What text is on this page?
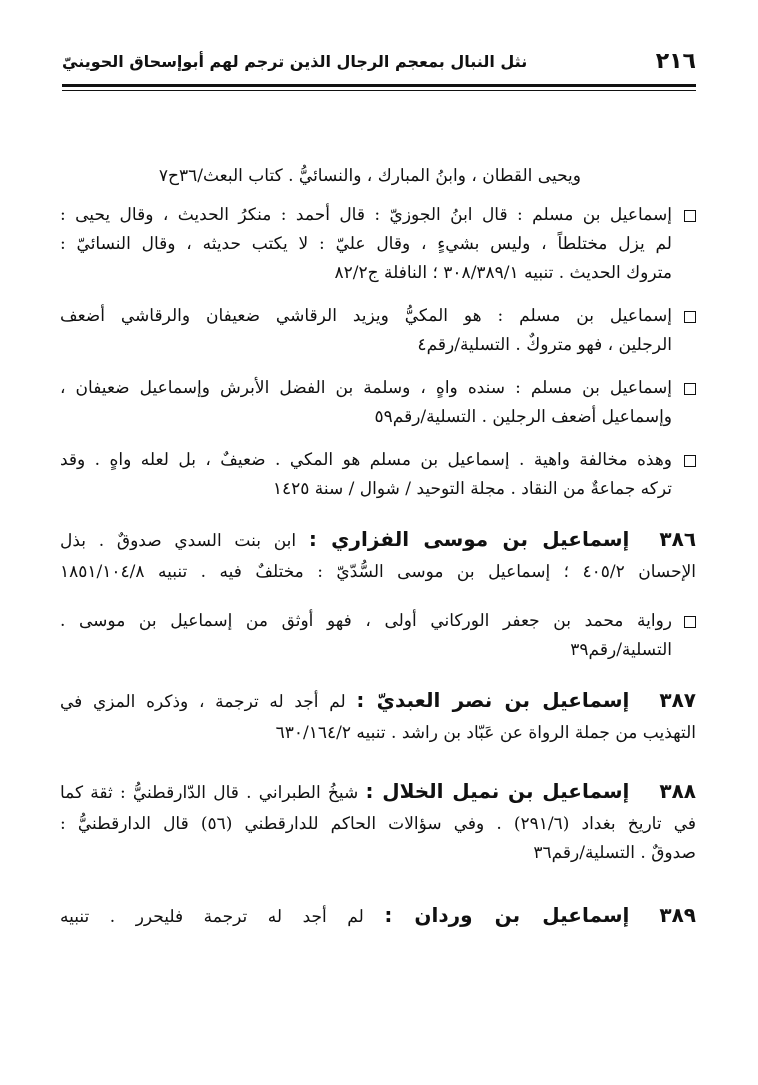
٢١٦
نثل النبال بمعجم الرجال الذين ترجم لهم أبوإسحاق الحوينيّ
ويحيى القطان ، وابنُ المبارك ، والنسائيُّ . كتاب البعث/٣٦ح٧
إسماعيل بن مسلم : قال ابنُ الجوزيّ : قال أحمد : منكرُ الحديث ، وقال يحيى :
لم يزل مختلطاً ، وليس بشيءٍ ، وقال عليّ : لا يكتب حديثه ، وقال النسائيّ :
متروك الحديث . تنبيه ٣٠٨/٣٨٩/١ ؛ النافلة ج٨٢/٢
إسماعيل بن مسلم : هو المكيُّ ويزيد الرقاشي ضعيفان والرقاشي أضعف
الرجلين ، فهو متروكٌ . التسلية/رقم٤
إسماعيل بن مسلم : سنده واهٍ ، وسلمة بن الفضل الأبرش وإسماعيل ضعيفان ،
وإسماعيل أضعف الرجلين . التسلية/رقم٥٩
وهذه مخالفة واهية . إسماعيل بن مسلم هو المكي . ضعيفٌ ، بل لعله واهٍ . وقد
تركه جماعةٌ من النقاد . مجلة التوحيد / شوال / سنة ١٤٢٥
٣٨٦إسماعيل بن موسى الفزاري : ابن بنت السدي صدوقٌ . بذل
الإحسان ٤٠٥/٢ ؛ إسماعيل بن موسى السُّدّيّ : مختلفٌ فيه . تنبيه ١٨٥١/١٠٤/٨
رواية محمد بن جعفر الوركاني أولى ، فهو أوثق من إسماعيل بن موسى .
التسلية/رقم٣٩
٣٨٧إسماعيل بن نصر العبديّ : لم أجد له ترجمة ، وذكره المزي في
التهذيب من جملة الرواة عن عَبّاد بن راشد . تنبيه ٦٣٠/١٦٤/٢
٣٨٨إسماعيل بن نميل الخلال : شيخُ الطبراني . قال الدّارقطنيُّ : ثقة كما
في تاريخ بغداد (٢٩١/٦) . وفي سؤالات الحاكم للدارقطني (٥٦) قال الدارقطنيُّ :
صدوقٌ . التسلية/رقم٣٦
٣٨٩إسماعيل بن وردان : لم أجد له ترجمة فليحرر . تنبيه
